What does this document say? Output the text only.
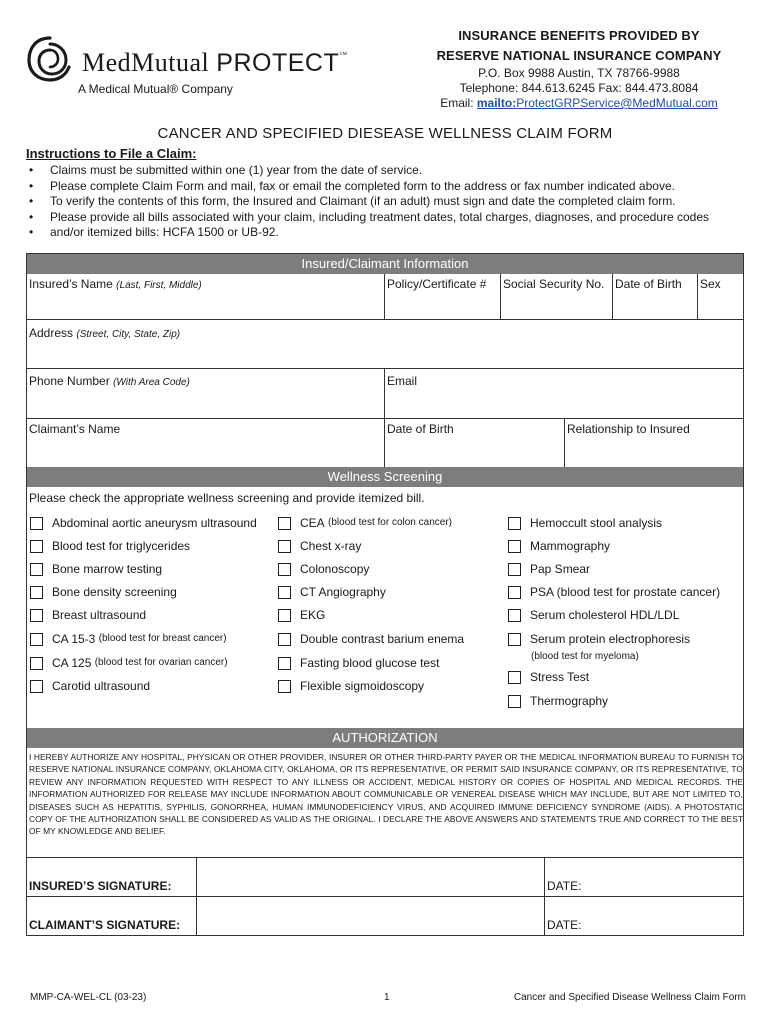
MedMutual PROTECT™
A Medical Mutual® Company
INSURANCE BENEFITS PROVIDED BY
RESERVE NATIONAL INSURANCE COMPANY
P.O. Box 9988 Austin, TX 78766-9988
Telephone: 844.613.6245 Fax: 844.473.8084
Email: mailto:ProtectGRPService@MedMutual.com
CANCER AND SPECIFIED DIESEASE WELLNESS CLAIM FORM
Instructions to File a Claim:
• Claims must be submitted within one (1) year from the date of service.
• Please complete Claim Form and mail, fax or email the completed form to the address or fax number indicated above.
• To verify the contents of this form, the Insured and Claimant (if an adult) must sign and date the completed claim form.
• Please provide all bills associated with your claim, including treatment dates, total charges, diagnoses, and procedure codes
• and/or itemized bills: HCFA 1500 or UB-92.
Insured/Claimant Information
Insured’s Name (Last, First, Middle)	Policy/Certificate # Social Security No. Date of Birth Sex
Address (Street, City, State, Zip)
Phone Number (With Area Code)	Email
Claimant’s Name	Date of Birth	Relationship to Insured
Wellness Screening
Please check the appropriate wellness screening and provide itemized bill.
Abdominal aortic aneurysm ultrasound
Blood test for triglycerides
Bone marrow testing
Bone density screening
Breast ultrasound
CA 15-3
(blood test for breast cancer)
CA 125
(blood test for ovarian cancer)
Carotid ultrasound
CEA
(blood test for colon cancer)
Chest x-ray
Colonoscopy
CT Angiography
EKG
Double contrast barium enema
Fasting blood glucose test
Flexible sigmoidoscopy
Hemoccult stool analysis
Mammography
Pap Smear
PSA (blood test for prostate cancer)
Serum cholesterol HDL/LDL
Serum protein electrophoresis
(blood test for myeloma)
Stress Test
Thermography
AUTHORIZATION
I HEREBY AUTHORIZE ANY HOSPITAL, PHYSICAN OR OTHER PROVIDER, INSURER OR OTHER THIRD-PARTY PAYER OR THE MEDICAL INFORMATION BUREAU TO FURNISH TO RESERVE NATIONAL INSURANCE COMPANY, OKLAHOMA CITY, OKLAHOMA, OR ITS REPRESENTATIVE, OR PERMIT SAID INSURANCE COMPANY, OR ITS REPRESENTATIVE, TO REVIEW ANY INFORMATION REQUESTED WITH RESPECT TO ANY ILLNESS OR ACCIDENT, MEDICAL HISTORY OR COPIES OF HOSPITAL AND MEDICAL RECORDS. THE INFORMATION AUTHORIZED FOR RELEASE MAY INCLUDE INFORMATION ABOUT COMMUNICABLE OR VENEREAL DISEASE WHICH MAY INCLUDE, BUT ARE NOT LIMITED TO, DISEASES SUCH AS HEPATITIS, SYPHILIS, GONORRHEA, HUMAN IMMUNODEFICIENCY VIRUS, AND ACQUIRED IMMUNE DEFICIENCY SYNDROME (AIDS). A PHOTOSTATIC COPY OF THE AUTHORIZATION SHALL BE CONSIDERED AS VALID AS THE ORIGINAL. I DECLARE THE ABOVE ANSWERS AND STATEMENTS TRUE AND CORRECT TO THE BEST OF MY KNOWLEDGE AND BELIEF.
INSURED’S SIGNATURE:	DATE:
CLAIMANT’S SIGNATURE:	DATE:
MMP-CA-WEL-CL (03-23)	1	Cancer and Specified Disease Wellness Claim Form
